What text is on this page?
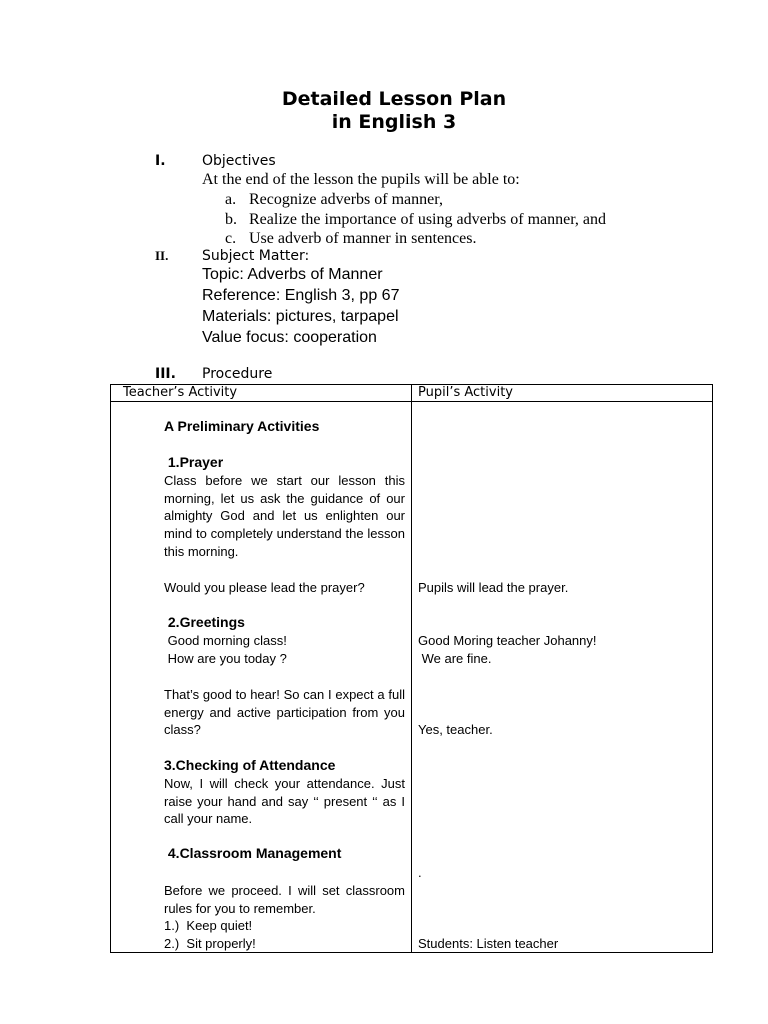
Detailed Lesson Plan
in English 3
I.	Objectives
At the end of the lesson the pupils will be able to:
a. Recognize adverbs of manner,
b. Realize the importance of using adverbs of manner, and
c. Use adverb of manner in sentences.
II. Subject Matter:
Topic: Adverbs of Manner
Reference: English 3, pp 67
Materials: pictures, tarpapel
Value focus: cooperation
III. Procedure
Teacher’s Activity	Pupil’s Activity
A Preliminary Activities
1.Prayer
Class before we start our lesson this morning, let us ask the guidance of our almighty God and let us enlighten our mind to completely understand the lesson this morning.
Would you please lead the prayer?
2.Greetings
Good morning class!
How are you today ?
That’s good to hear! So can I expect a full energy and active participation from you class?
3.Checking of Attendance
Now, I will check your attendance. Just raise your hand and say ‘‘ present ‘‘ as I call your name.
4.Classroom Management
Before we proceed. I will set classroom rules for you to remember.
1.)  Keep quiet!
2.)  Sit properly!
Pupils will lead the prayer.
Good Moring teacher Johanny!
We are fine.
Yes, teacher.
.
Students: Listen teacher
